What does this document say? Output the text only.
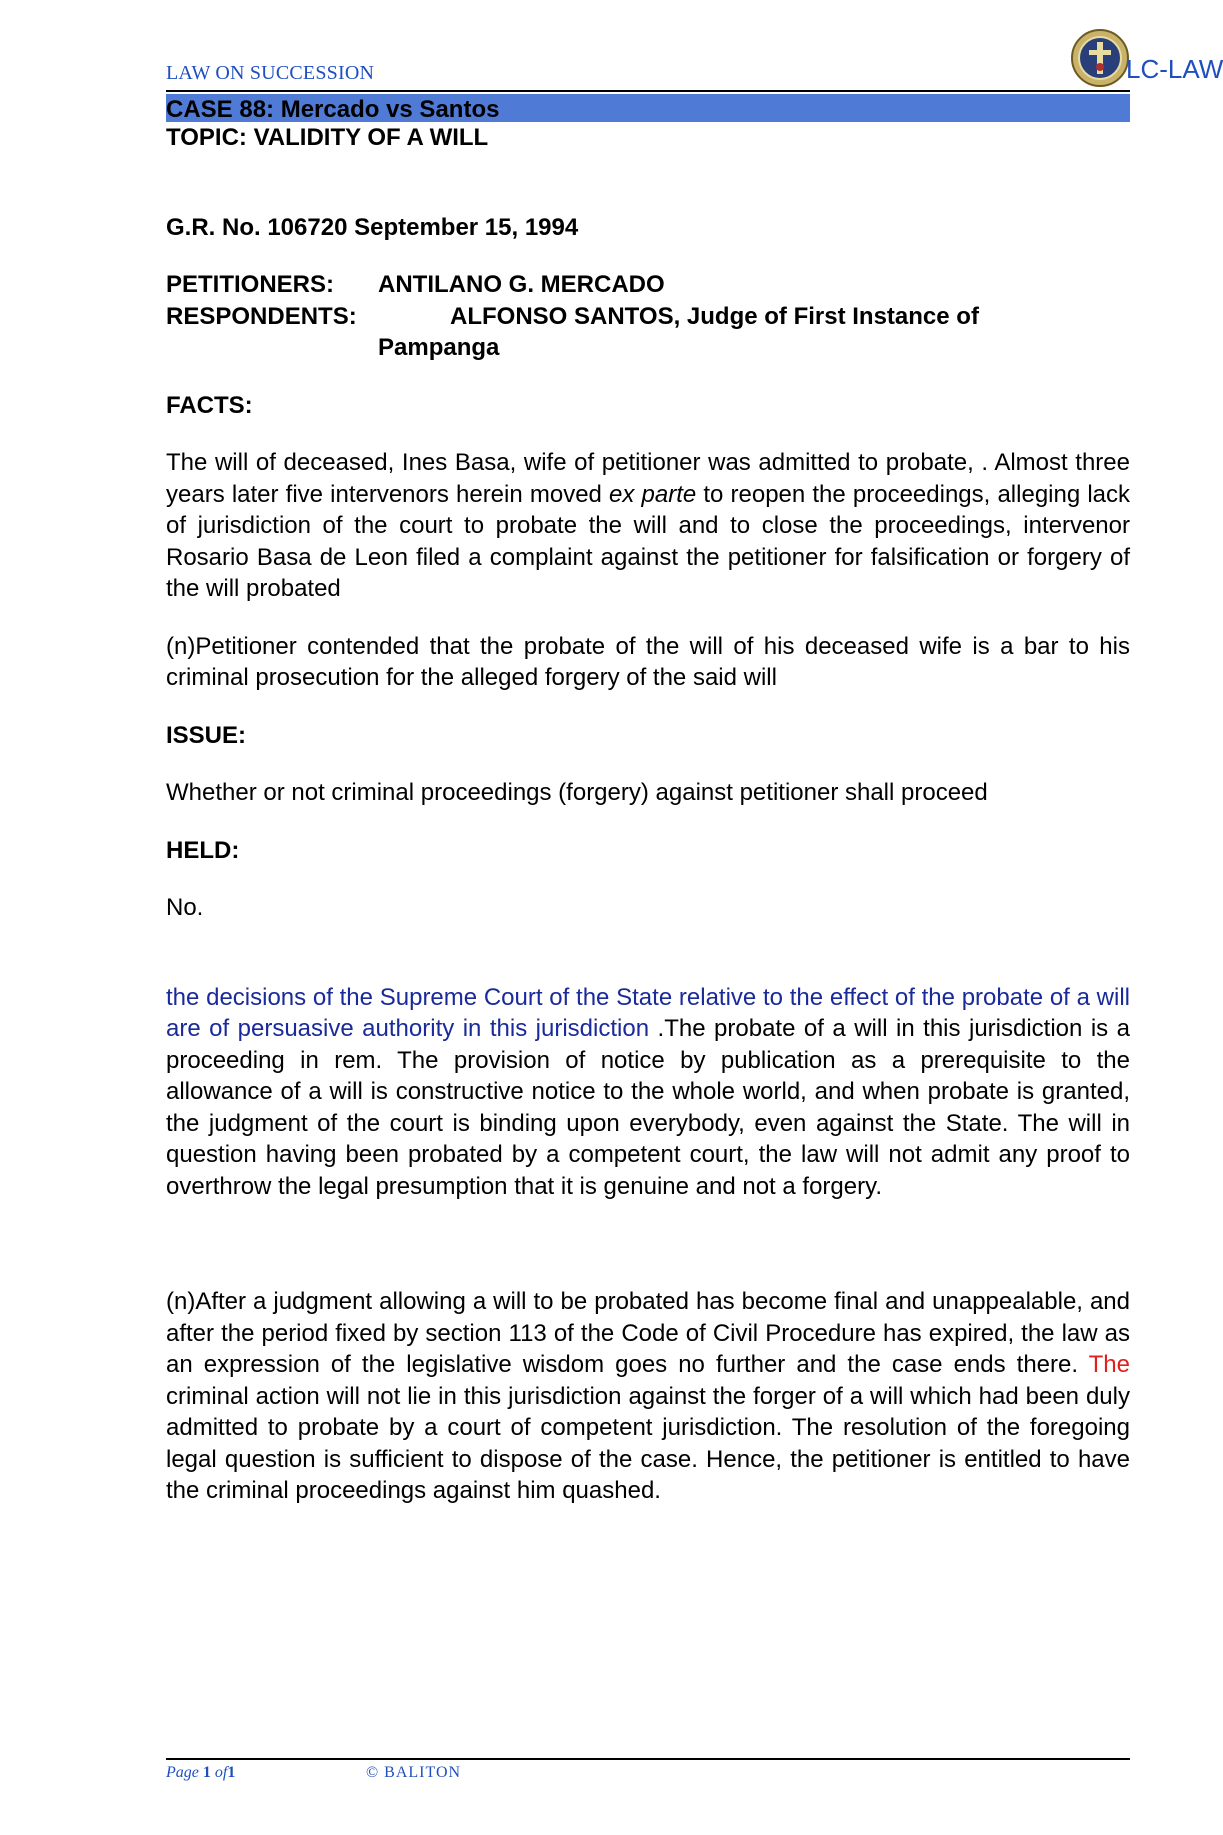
LAW ON SUCCESSION	LC-LAW
CASE 88: Mercado vs Santos

TOPIC: VALIDITY OF A WILL

G.R. No. 106720 September 15, 1994

PETITIONERS:	ANTILANO G. MERCADO
RESPONDENTS:	ALFONSO SANTOS, Judge of First Instance of
Pampanga

FACTS:

The will of deceased, Ines Basa, wife of petitioner was admitted to probate, . Almost three years later five intervenors herein moved ex parte to reopen the proceedings, alleging lack of jurisdiction of the court to probate the will and to close the proceedings, intervenor Rosario Basa de Leon filed a complaint against the petitioner for falsification or forgery of the will probated

(n)Petitioner contended that the probate of the will of his deceased wife is a bar to his criminal prosecution for the alleged forgery of the said will

ISSUE:

Whether or not criminal proceedings (forgery) against petitioner shall proceed

HELD:

No.

the decisions of the Supreme Court of the State relative to the effect of the probate of a will are of persuasive authority in this jurisdiction .The probate of a will in this jurisdiction is a proceeding in rem. The provision of notice by publication as a prerequisite to the allowance of a will is constructive notice to the whole world, and when probate is granted, the judgment of the court is binding upon everybody, even against the State. The will in question having been probated by a competent court, the law will not admit any proof to overthrow the legal presumption that it is genuine and not a forgery.

(n)After a judgment allowing a will to be probated has become final and unappealable, and after the period fixed by section 113 of the Code of Civil Procedure has expired, the law as an expression of the legislative wisdom goes no further and the case ends there. The criminal action will not lie in this jurisdiction against the forger of a will which had been duly admitted to probate by a court of competent jurisdiction. The resolution of the foregoing legal question is sufficient to dispose of the case. Hence, the petitioner is entitled to have the criminal proceedings against him quashed.

Page 1 of1	© BALITON
